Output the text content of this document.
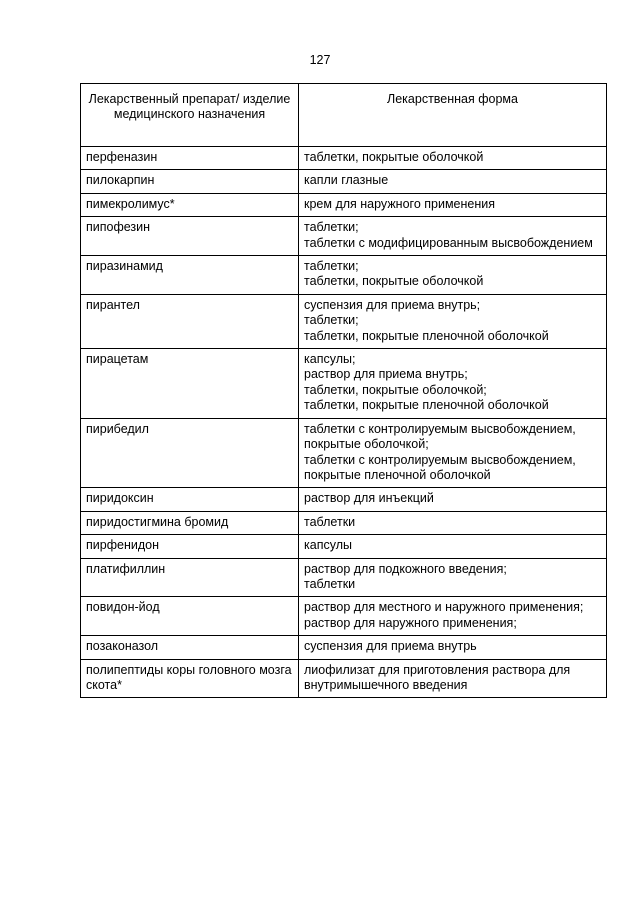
127
Лекарственный препарат/ изделие медицинского назначения	Лекарственная форма
перфеназин	таблетки, покрытые оболочкой

пилокарпин	капли глазные

пимекролимус*	крем для наружного применения

пипофезин	таблетки;
таблетки с модифицированным высвобождением

пиразинамид	таблетки;
таблетки, покрытые оболочкой

пирантел	суспензия для приема внутрь;
таблетки;
таблетки, покрытые пленочной оболочкой

пирацетам	капсулы;
раствор для приема внутрь;
таблетки, покрытые оболочкой;
таблетки, покрытые пленочной оболочкой

пирибедил	таблетки с контролируемым высвобождением, покрытые оболочкой;
таблетки с контролируемым высвобождением, покрытые пленочной оболочкой

пиридоксин	раствор для инъекций

пиридостигмина бромид	таблетки

пирфенидон	капсулы

платифиллин	раствор для подкожного введения;
таблетки

повидон-йод	раствор для местного и наружного применения;
раствор для наружного применения;

позаконазол	суспензия для приема внутрь

полипептиды коры головного мозга скота*	лиофилизат для приготовления раствора для внутримышечного введения
